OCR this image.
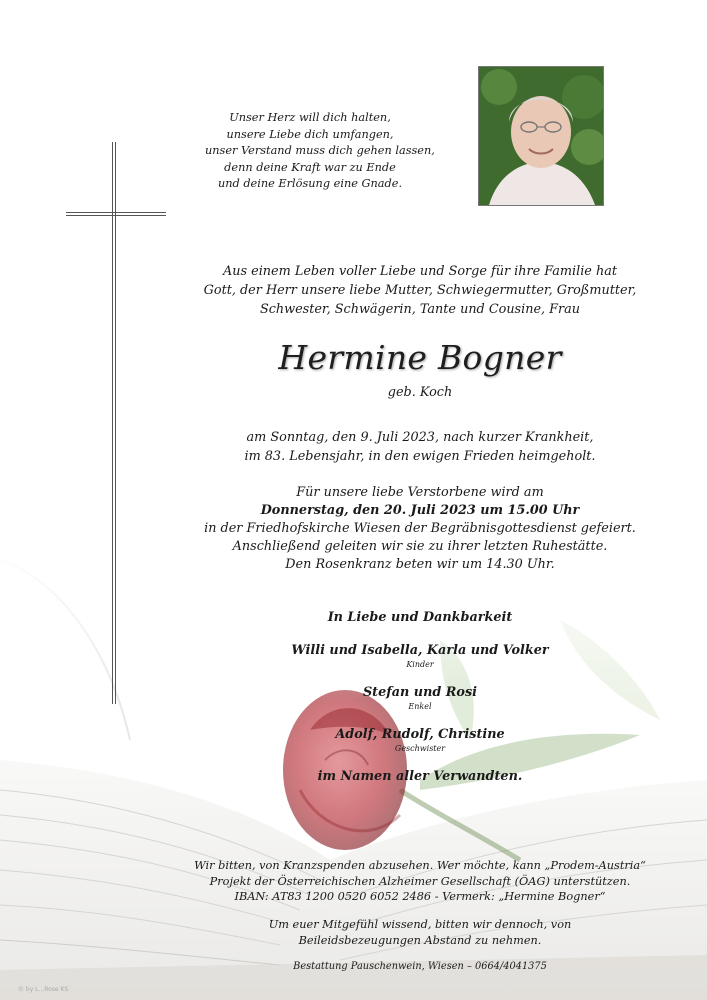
Unser Herz will dich halten,
unsere Liebe dich umfangen,
unser Verstand muss dich gehen lassen,
denn deine Kraft war zu Ende
und deine Erlösung eine Gnade.
Aus einem Leben voller Liebe und Sorge für ihre Familie hat
Gott, der Herr unsere liebe Mutter, Schwiegermutter, Großmutter,
Schwester, Schwägerin, Tante und Cousine, Frau
Hermine Bogner
geb. Koch
am Sonntag, den 9. Juli 2023, nach kurzer Krankheit,
im 83. Lebensjahr, in den ewigen Frieden heimgeholt.
Für unsere liebe Verstorbene wird am
Donnerstag, den 20. Juli 2023 um 15.00 Uhr
in der Friedhofskirche Wiesen der Begräbnisgottesdienst gefeiert.
Anschließend geleiten wir sie zu ihrer letzten Ruhestätte.
Den Rosenkranz beten wir um 14.30 Uhr.
In Liebe und Dankbarkeit
Willi und Isabella, Karla und Volker
Kinder
Stefan und Rosi
Enkel
Adolf, Rudolf, Christine
Geschwister
im Namen aller Verwandten.
Wir bitten, von Kranzspenden abzusehen. Wer möchte, kann „Prodem-Austria“
Projekt der Österreichischen Alzheimer Gesellschaft (ÖAG) unterstützen.
IBAN: AT83 1200 0520 6052 2486 - Vermerk: „Hermine Bogner“
Um euer Mitgefühl wissend, bitten wir dennoch, von
Beileidsbezeugungen Abstand zu nehmen.
Bestattung Pauschenwein, Wiesen – 0664/4041375
© by L...Rose KS
